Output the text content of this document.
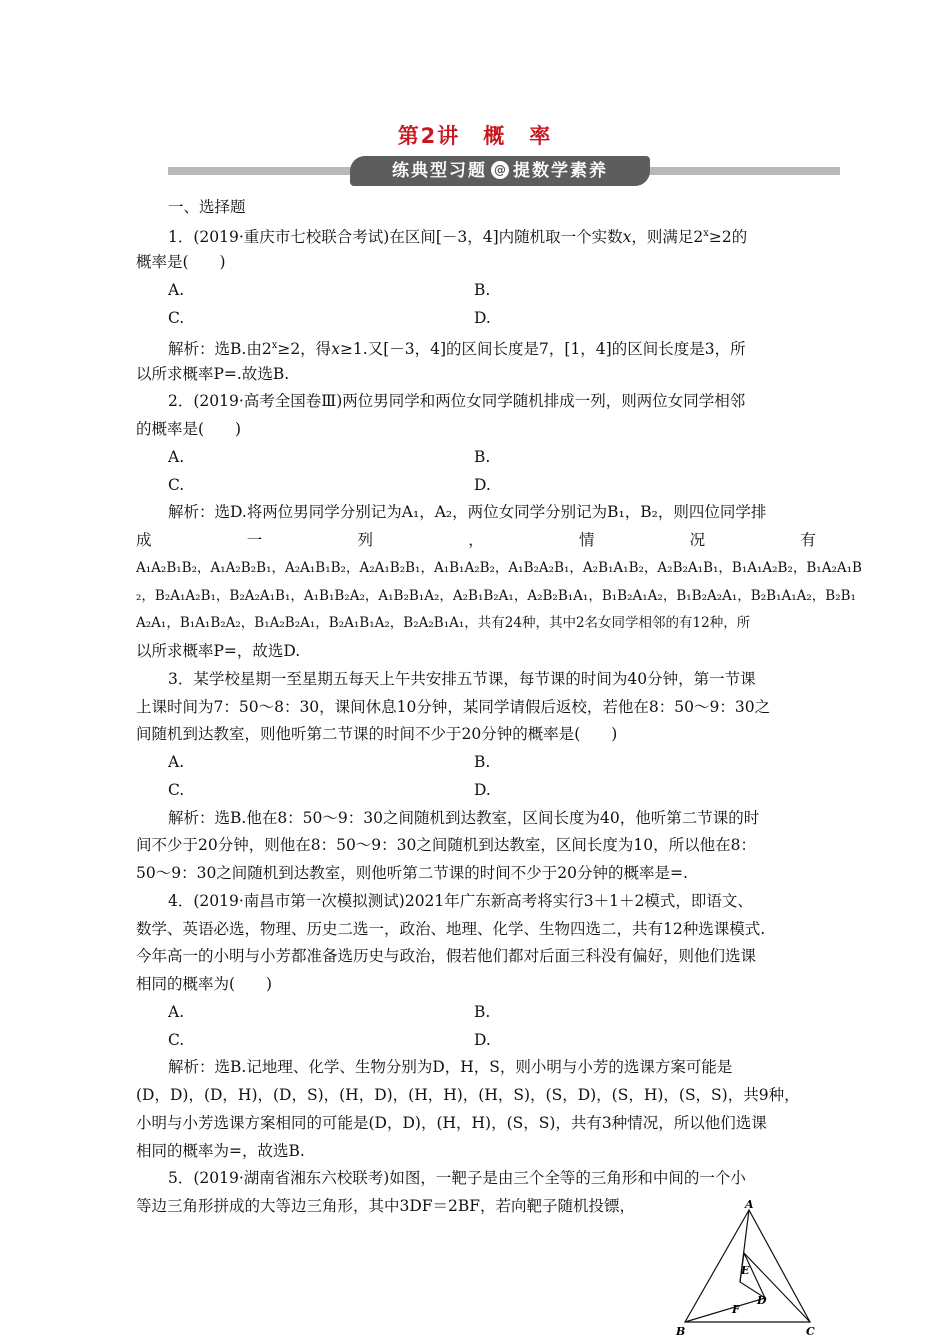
第2讲　概　率
练典型习题 @ 提数学素养
一、选择题
1．(2019·重庆市七校联合考试)在区间[－3，4]内随机取一个实数x，则满足$2^x\ge 2$的
概率是(　　)
A.	B.
C.	D.
解析：选B.由$2^x\ge 2$，得x≥1.又[－3，4]的区间长度是7，[1，4]的区间长度是3，所
以所求概率P=.故选B.
2．(2019·高考全国卷Ⅲ)两位男同学和两位女同学随机排成一列，则两位女同学相邻
的概率是(　　)
A.	B.
C.	D.
解析：选D.将两位男同学分别记为A₁，A₂，两位女同学分别记为B₁，B₂，则四位同学排
成	一	列	，	情	况	有
A₁A₂B₁B₂，A₁A₂B₂B₁，A₂A₁B₁B₂，A₂A₁B₂B₁，A₁B₁A₂B₂，A₁B₂A₂B₁，A₂B₁A₁B₂，A₂B₂A₁B₁，B₁A₁A₂B₂，B₁A₂A₁B
₂，B₂A₁A₂B₁，B₂A₂A₁B₁，A₁B₁B₂A₂，A₁B₂B₁A₂，A₂B₁B₂A₁，A₂B₂B₁A₁，B₁B₂A₁A₂，B₁B₂A₂A₁，B₂B₁A₁A₂，B₂B₁
A₂A₁，B₁A₁B₂A₂，B₁A₂B₂A₁，B₂A₁B₁A₂，B₂A₂B₁A₁，共有24种，其中2名女同学相邻的有12种，所
以所求概率P=，故选D.
3．某学校星期一至星期五每天上午共安排五节课，每节课的时间为40分钟，第一节课
上课时间为7：50～8：30，课间休息10分钟，某同学请假后返校，若他在8：50～9：30之
间随机到达教室，则他听第二节课的时间不少于20分钟的概率是(　　)
A.	B.
C.	D.
解析：选B.他在8：50～9：30之间随机到达教室，区间长度为40，他听第二节课的时
间不少于20分钟，则他在8：50～9：30之间随机到达教室，区间长度为10，所以他在8：
50～9：30之间随机到达教室，则他听第二节课的时间不少于20分钟的概率是=.
4．(2019·南昌市第一次模拟测试)2021年广东新高考将实行3＋1＋2模式，即语文、
数学、英语必选，物理、历史二选一，政治、地理、化学、生物四选二，共有12种选课模式.
今年高一的小明与小芳都准备选历史与政治，假若他们都对后面三科没有偏好，则他们选课
相同的概率为(　　)
A.	B.
C.	D.
解析：选B.记地理、化学、生物分别为D，H，S，则小明与小芳的选课方案可能是
(D，D)，(D，H)，(D，S)，(H，D)，(H，H)，(H，S)，(S，D)，(S，H)，(S，S)，共9种，
小明与小芳选课方案相同的可能是(D，D)，(H，H)，(S，S)，共有3种情况，所以他们选课
相同的概率为=，故选B.
5．(2019·湖南省湘东六校联考)如图，一靶子是由三个全等的三角形和中间的一个小
等边三角形拼成的大等边三角形，其中3DF＝2BF，若向靶子随机投镖，	A
B	C
D
E
F
